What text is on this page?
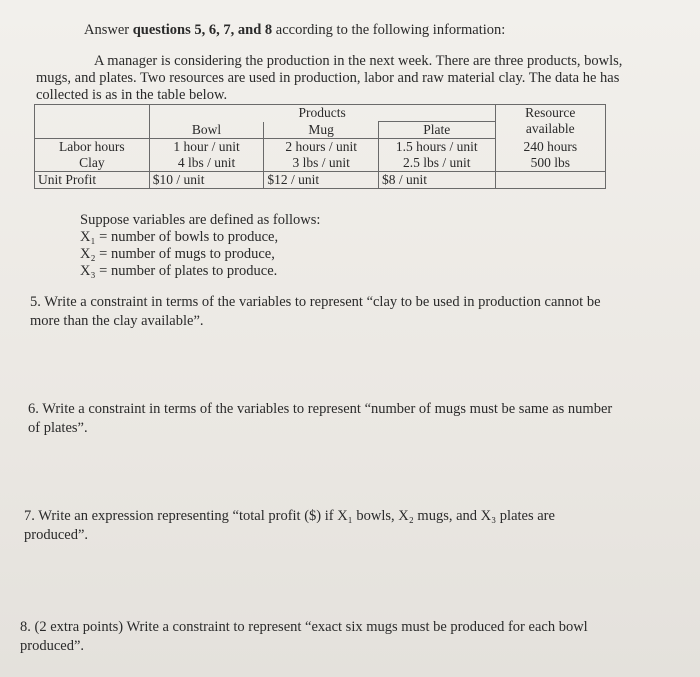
Answer questions 5, 6, 7, and 8 according to the following information:
A manager is considering the production in the next week. There are three products, bowls, mugs, and plates. Two resources are used in production, labor and raw material clay. The data he has collected is as in the table below.
	Products			Resource
available

	Bowl	Mug	Plate	
Labor hours	1 hour / unit	2 hours / unit	1.5 hours / unit	240 hours
Clay	4 lbs / unit	3 lbs / unit	2.5 lbs / unit	500 lbs
Unit Profit	$10 / unit	$12 / unit	$8 / unit	
Suppose variables are defined as follows:
X₁ = number of bowls to produce,
X₂ = number of mugs to produce,
X₃ = number of plates to produce.
5. Write a constraint in terms of the variables to represent “clay to be used in production cannot be more than the clay available”.
6. Write a constraint in terms of the variables to represent “number of mugs must be same as number of plates”.
7. Write an expression representing “total profit ($) if X₁ bowls, X₂ mugs, and X₃ plates are produced”.
8. (2 extra points) Write a constraint to represent “exact six mugs must be produced for each bowl produced”.
